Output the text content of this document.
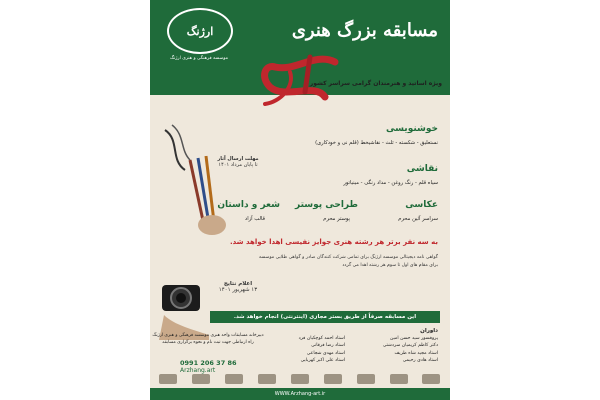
ارژنگ
موسسه فرهنگی و هنری ارژنگ
مسابقه بزرگ هنری
ویژه اساتید و هنرمندان گرامی سراسر کشور
خوشنویسی
نستعلیق - شکسته - ثلث - نقاشیخط (قلم نی و خودکاری)
مهلت ارسال آثار
تا پایان مرداد ۱۴۰۱	نقاشی
سیاه قلم - رنگ روغن - مداد رنگی - مینیاتور
عکاسی
سراسر آئین محرم
طراحی پوستر
پوستر محرم
شعر و داستان
قالب آزاد
به سه نفر برتر هر رشته هنری جوایز نفیسی اهدا خواهد شد.
گواهی نامه دیجیتالی موسسه ارژنگ برای تمامی شرکت کنندگان صادر و گواهی طلایی موسسه برای مقام های اول تا سوم هر رشته اهدا می گردد
اعلام نتایج
۱۳ شهریور ۱۴۰۱
این مسابقه صرفاً از طریق بستر مجازی (اینترنتی) انجام خواهد شد.
داوران
پروفسور سید حسن امین
دکتر کاظم کریمیان سردشتی
استاد مجید شاه طریف
استاد هادی رحیمی
استاد احمد کوچکیان فرد
استاد رضا فرقانی
استاد مهدی شجاعی
استاد علی اکبر کهربایی
دبیرخانه مسابقات واحد هنری موسسه فرهنگی و هنری ارژنگ
راه ارتباطی جهت ثبت نام و نحوه برگزاری مسابقه
0991 206 37 86
Arzhang.art
WWW.Arzhang-art.ir
